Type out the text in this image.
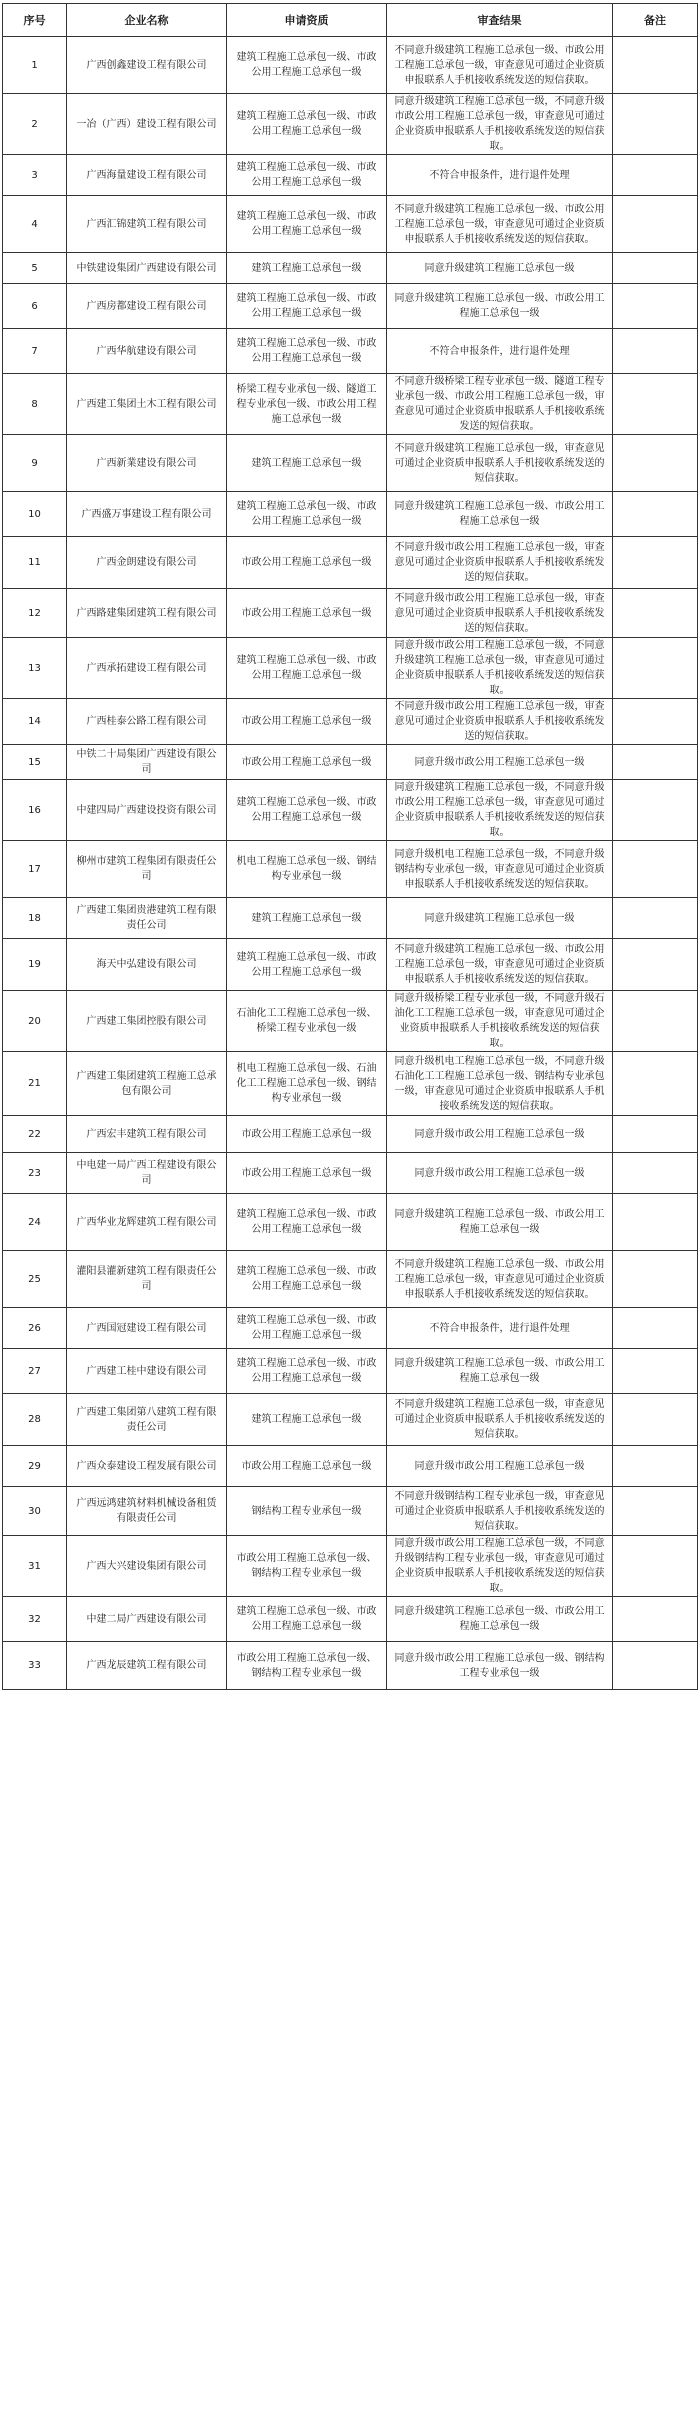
序号	企业名称	申请资质	审查结果	备注
1	广西创鑫建设工程有限公司	建筑工程施工总承包一级、市政公用工程施工总承包一级	不同意升级建筑工程施工总承包一级、市政公用工程施工总承包一级，审查意见可通过企业资质申报联系人手机接收系统发送的短信获取。	
2	一冶（广西）建设工程有限公司	建筑工程施工总承包一级、市政公用工程施工总承包一级	同意升级建筑工程施工总承包一级，不同意升级市政公用工程施工总承包一级，审查意见可通过企业资质申报联系人手机接收系统发送的短信获取。	
3	广西海量建设工程有限公司	建筑工程施工总承包一级、市政公用工程施工总承包一级	不符合申报条件，进行退件处理	
4	广西汇锦建筑工程有限公司	建筑工程施工总承包一级、市政公用工程施工总承包一级	不同意升级建筑工程施工总承包一级、市政公用工程施工总承包一级，审查意见可通过企业资质申报联系人手机接收系统发送的短信获取。	
5	中铁建设集团广西建设有限公司	建筑工程施工总承包一级	同意升级建筑工程施工总承包一级	
6	广西房都建设工程有限公司	建筑工程施工总承包一级、市政公用工程施工总承包一级	同意升级建筑工程施工总承包一级、市政公用工程施工总承包一级	
7	广西华航建设有限公司	建筑工程施工总承包一级、市政公用工程施工总承包一级	不符合申报条件，进行退件处理	
8	广西建工集团土木工程有限公司	桥梁工程专业承包一级、隧道工程专业承包一级、市政公用工程施工总承包一级	不同意升级桥梁工程专业承包一级、隧道工程专业承包一级、市政公用工程施工总承包一级，审查意见可通过企业资质申报联系人手机接收系统发送的短信获取。	
9	广西新業建设有限公司	建筑工程施工总承包一级	不同意升级建筑工程施工总承包一级，审查意见可通过企业资质申报联系人手机接收系统发送的短信获取。	
10	广西盛万事建设工程有限公司	建筑工程施工总承包一级、市政公用工程施工总承包一级	同意升级建筑工程施工总承包一级、市政公用工程施工总承包一级	
11	广西金朗建设有限公司	市政公用工程施工总承包一级	不同意升级市政公用工程施工总承包一级，审查意见可通过企业资质申报联系人手机接收系统发送的短信获取。	
12	广西路建集团建筑工程有限公司	市政公用工程施工总承包一级	不同意升级市政公用工程施工总承包一级，审查意见可通过企业资质申报联系人手机接收系统发送的短信获取。	
13	广西承拓建设工程有限公司	建筑工程施工总承包一级、市政公用工程施工总承包一级	同意升级市政公用工程施工总承包一级，不同意升级建筑工程施工总承包一级，审查意见可通过企业资质申报联系人手机接收系统发送的短信获取。	
14	广西桂泰公路工程有限公司	市政公用工程施工总承包一级	不同意升级市政公用工程施工总承包一级，审查意见可通过企业资质申报联系人手机接收系统发送的短信获取。	
15	中铁二十局集团广西建设有限公司	市政公用工程施工总承包一级	同意升级市政公用工程施工总承包一级	
16	中建四局广西建设投资有限公司	建筑工程施工总承包一级、市政公用工程施工总承包一级	同意升级建筑工程施工总承包一级，不同意升级市政公用工程施工总承包一级，审查意见可通过企业资质申报联系人手机接收系统发送的短信获取。	
17	柳州市建筑工程集团有限责任公司	机电工程施工总承包一级、钢结构专业承包一级	同意升级机电工程施工总承包一级，不同意升级钢结构专业承包一级，审查意见可通过企业资质申报联系人手机接收系统发送的短信获取。	
18	广西建工集团贵港建筑工程有限责任公司	建筑工程施工总承包一级	同意升级建筑工程施工总承包一级	
19	海天中弘建设有限公司	建筑工程施工总承包一级、市政公用工程施工总承包一级	不同意升级建筑工程施工总承包一级、市政公用工程施工总承包一级，审查意见可通过企业资质申报联系人手机接收系统发送的短信获取。	
20	广西建工集团控股有限公司	石油化工工程施工总承包一级、桥梁工程专业承包一级	同意升级桥梁工程专业承包一级，不同意升级石油化工工程施工总承包一级，审查意见可通过企业资质申报联系人手机接收系统发送的短信获取。	
21	广西建工集团建筑工程施工总承包有限公司	机电工程施工总承包一级、石油化工工程施工总承包一级、钢结构专业承包一级	同意升级机电工程施工总承包一级，不同意升级石油化工工程施工总承包一级、钢结构专业承包一级，审查意见可通过企业资质申报联系人手机接收系统发送的短信获取。	
22	广西宏丰建筑工程有限公司	市政公用工程施工总承包一级	同意升级市政公用工程施工总承包一级	
23	中电建一局广西工程建设有限公司	市政公用工程施工总承包一级	同意升级市政公用工程施工总承包一级	
24	广西华业龙辉建筑工程有限公司	建筑工程施工总承包一级、市政公用工程施工总承包一级	同意升级建筑工程施工总承包一级、市政公用工程施工总承包一级	
25	灌阳县灌新建筑工程有限责任公司	建筑工程施工总承包一级、市政公用工程施工总承包一级	不同意升级建筑工程施工总承包一级、市政公用工程施工总承包一级，审查意见可通过企业资质申报联系人手机接收系统发送的短信获取。	
26	广西国冠建设工程有限公司	建筑工程施工总承包一级、市政公用工程施工总承包一级	不符合申报条件，进行退件处理	
27	广西建工桂中建设有限公司	建筑工程施工总承包一级、市政公用工程施工总承包一级	同意升级建筑工程施工总承包一级、市政公用工程施工总承包一级	
28	广西建工集团第八建筑工程有限责任公司	建筑工程施工总承包一级	不同意升级建筑工程施工总承包一级，审查意见可通过企业资质申报联系人手机接收系统发送的短信获取。	
29	广西众泰建设工程发展有限公司	市政公用工程施工总承包一级	同意升级市政公用工程施工总承包一级	
30	广西远鸿建筑材料机械设备租赁有限责任公司	钢结构工程专业承包一级	不同意升级钢结构工程专业承包一级，审查意见可通过企业资质申报联系人手机接收系统发送的短信获取。	
31	广西大兴建设集团有限公司	市政公用工程施工总承包一级、钢结构工程专业承包一级	同意升级市政公用工程施工总承包一级，不同意升级钢结构工程专业承包一级，审查意见可通过企业资质申报联系人手机接收系统发送的短信获取。	
32	中建二局广西建设有限公司	建筑工程施工总承包一级、市政公用工程施工总承包一级	同意升级建筑工程施工总承包一级、市政公用工程施工总承包一级	
33	广西龙辰建筑工程有限公司	市政公用工程施工总承包一级、钢结构工程专业承包一级	同意升级市政公用工程施工总承包一级、钢结构工程专业承包一级	
